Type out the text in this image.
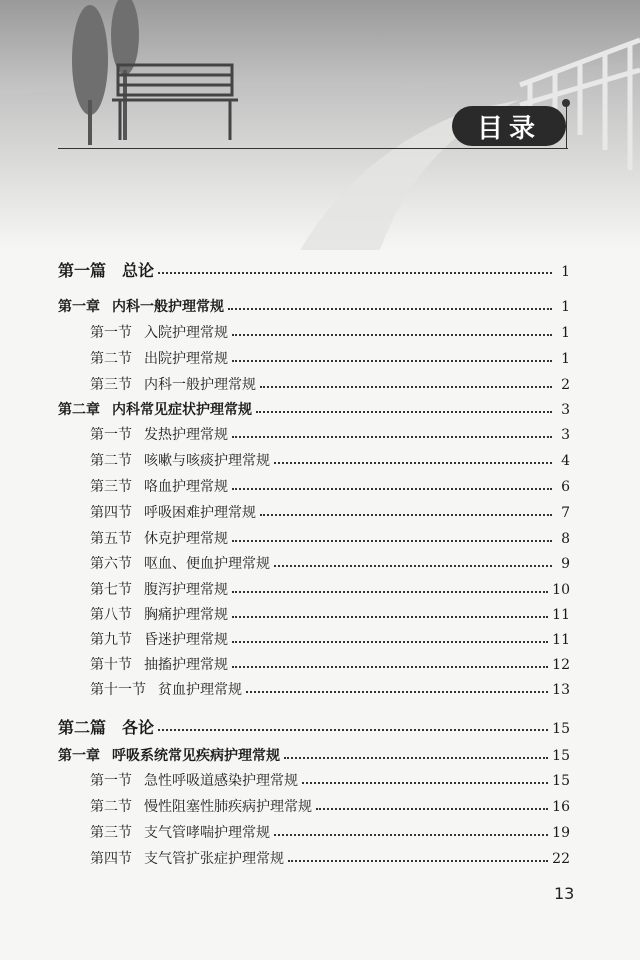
目录
第一篇 总论	1
第一章 内科一般护理常规	1
第一节 入院护理常规	1
第二节 出院护理常规	1
第三节 内科一般护理常规	2
第二章 内科常见症状护理常规	3
第一节 发热护理常规	3
第二节 咳嗽与咳痰护理常规	4
第三节 咯血护理常规	6
第四节 呼吸困难护理常规	7
第五节 休克护理常规	8
第六节 呕血、便血护理常规	9
第七节 腹泻护理常规	10
第八节 胸痛护理常规	11
第九节 昏迷护理常规	11
第十节 抽搐护理常规	12
第十一节 贫血护理常规	13
第二篇 各论	15
第一章 呼吸系统常见疾病护理常规	15
第一节 急性呼吸道感染护理常规	15
第二节 慢性阻塞性肺疾病护理常规	16
第三节 支气管哮喘护理常规	19
第四节 支气管扩张症护理常规	22
13
